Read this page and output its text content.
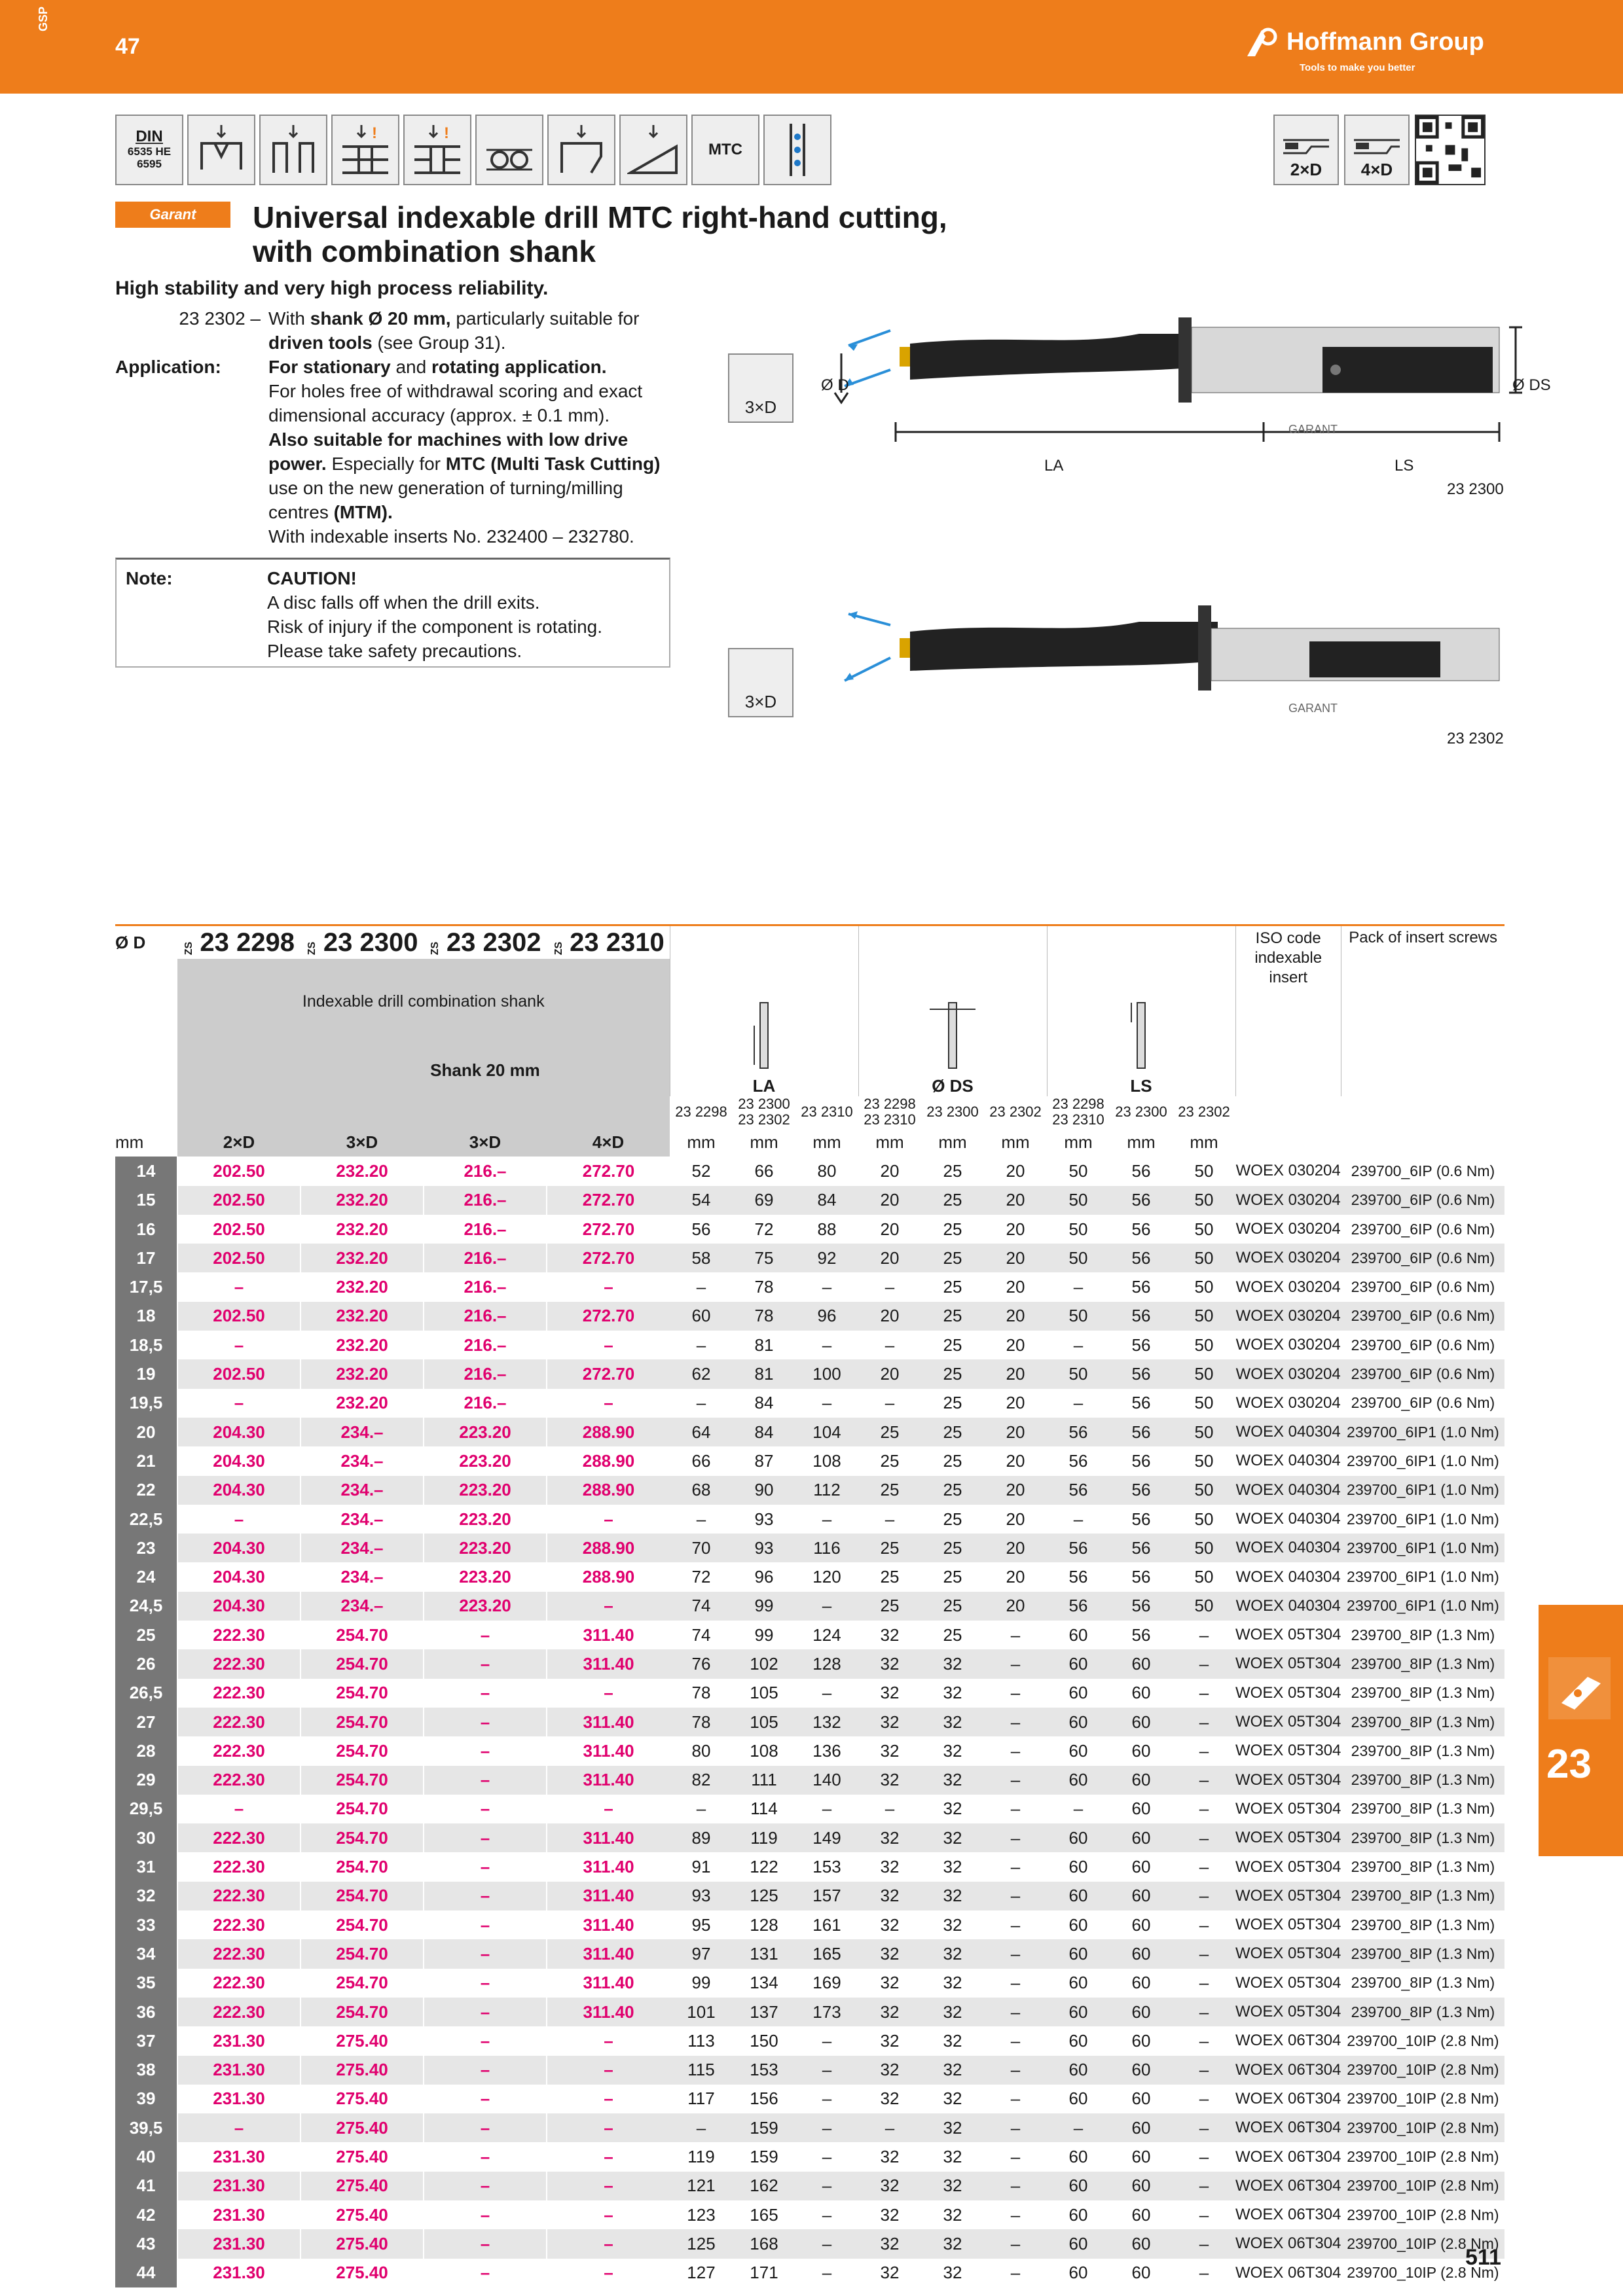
GSP
47	Hoffmann Group
Tools to make you better
DIN
6535 HE 6595
!	!
MTC
2×D 4×D
Garant	Universal indexable drill MTC right-hand cutting,
with combination shank
High stability and very high process reliability.
23 2302 – With shank Ø 20 mm, particularly suitable for
driven tools (see Group 31).
Application:	For stationary and rotating application.
For holes free of withdrawal scoring and exact dimensional accuracy (approx. ± 0.1 mm).
Also suitable for machines with low drive power. Especially for MTC (Multi Task Cutting) use on the new generation of turning/milling centres (MTM).
With indexable inserts No. 232400 – 232780.
Note:	CAUTION!
A disc falls off when the drill exits.
Risk of injury if the component is rotating.
Please take safety precautions.
3×D
3×D
Ø D	Ø DS
LA	LS
GARANT
23 2300
GARANT
23 2302
Ø D	ZS 23 2298	ZS 23 2300	ZS 23 2302	ZS 23 2310	LA			Ø DS			LS			ISO code indexable insert	Pack of insert screws
	Indexable drill combination shank														
			Shank 20 mm												
					23 2298	23 2300 23 2302	23 2310	23 2298 23 2310	23 2300	23 2302	23 2298 23 2310	23 2300	23 2302		
mm	2×D	3×D	3×D	4×D	mm	mm	mm	mm	mm	mm	mm	mm	mm		
14	202.50	232.20	216.–	272.70	52	66	80	20	25	20	50	56	50	WOEX 030204	239700_6IP (0.6 Nm)
15	202.50	232.20	216.–	272.70	54	69	84	20	25	20	50	56	50	WOEX 030204	239700_6IP (0.6 Nm)
16	202.50	232.20	216.–	272.70	56	72	88	20	25	20	50	56	50	WOEX 030204	239700_6IP (0.6 Nm)
17	202.50	232.20	216.–	272.70	58	75	92	20	25	20	50	56	50	WOEX 030204	239700_6IP (0.6 Nm)
17,5	–	232.20	216.–	–	–	78	–	–	25	20	–	56	50	WOEX 030204	239700_6IP (0.6 Nm)
18	202.50	232.20	216.–	272.70	60	78	96	20	25	20	50	56	50	WOEX 030204	239700_6IP (0.6 Nm)
18,5	–	232.20	216.–	–	–	81	–	–	25	20	–	56	50	WOEX 030204	239700_6IP (0.6 Nm)
19	202.50	232.20	216.–	272.70	62	81	100	20	25	20	50	56	50	WOEX 030204	239700_6IP (0.6 Nm)
19,5	–	232.20	216.–	–	–	84	–	–	25	20	–	56	50	WOEX 030204	239700_6IP (0.6 Nm)
20	204.30	234.–	223.20	288.90	64	84	104	25	25	20	56	56	50	WOEX 040304	239700_6IP1 (1.0 Nm)
21	204.30	234.–	223.20	288.90	66	87	108	25	25	20	56	56	50	WOEX 040304	239700_6IP1 (1.0 Nm)
22	204.30	234.–	223.20	288.90	68	90	112	25	25	20	56	56	50	WOEX 040304	239700_6IP1 (1.0 Nm)
22,5	–	234.–	223.20	–	–	93	–	–	25	20	–	56	50	WOEX 040304	239700_6IP1 (1.0 Nm)
23	204.30	234.–	223.20	288.90	70	93	116	25	25	20	56	56	50	WOEX 040304	239700_6IP1 (1.0 Nm)
24	204.30	234.–	223.20	288.90	72	96	120	25	25	20	56	56	50	WOEX 040304	239700_6IP1 (1.0 Nm)
24,5	204.30	234.–	223.20	–	74	99	–	25	25	20	56	56	50	WOEX 040304	239700_6IP1 (1.0 Nm)
25	222.30	254.70	–	311.40	74	99	124	32	25	–	60	56	–	WOEX 05T304	239700_8IP (1.3 Nm)
26	222.30	254.70	–	311.40	76	102	128	32	32	–	60	60	–	WOEX 05T304	239700_8IP (1.3 Nm)
26,5	222.30	254.70	–	–	78	105	–	32	32	–	60	60	–	WOEX 05T304	239700_8IP (1.3 Nm)
27	222.30	254.70	–	311.40	78	105	132	32	32	–	60	60	–	WOEX 05T304	239700_8IP (1.3 Nm)
28	222.30	254.70	–	311.40	80	108	136	32	32	–	60	60	–	WOEX 05T304	239700_8IP (1.3 Nm)
29	222.30	254.70	–	311.40	82	111	140	32	32	–	60	60	–	WOEX 05T304	239700_8IP (1.3 Nm)
29,5	–	254.70	–	–	–	114	–	–	32	–	–	60	–	WOEX 05T304	239700_8IP (1.3 Nm)
30	222.30	254.70	–	311.40	89	119	149	32	32	–	60	60	–	WOEX 05T304	239700_8IP (1.3 Nm)
31	222.30	254.70	–	311.40	91	122	153	32	32	–	60	60	–	WOEX 05T304	239700_8IP (1.3 Nm)
32	222.30	254.70	–	311.40	93	125	157	32	32	–	60	60	–	WOEX 05T304	239700_8IP (1.3 Nm)
33	222.30	254.70	–	311.40	95	128	161	32	32	–	60	60	–	WOEX 05T304	239700_8IP (1.3 Nm)
34	222.30	254.70	–	311.40	97	131	165	32	32	–	60	60	–	WOEX 05T304	239700_8IP (1.3 Nm)
35	222.30	254.70	–	311.40	99	134	169	32	32	–	60	60	–	WOEX 05T304	239700_8IP (1.3 Nm)
36	222.30	254.70	–	311.40	101	137	173	32	32	–	60	60	–	WOEX 05T304	239700_8IP (1.3 Nm)
37	231.30	275.40	–	–	113	150	–	32	32	–	60	60	–	WOEX 06T304	239700_10IP (2.8 Nm)
38	231.30	275.40	–	–	115	153	–	32	32	–	60	60	–	WOEX 06T304	239700_10IP (2.8 Nm)
39	231.30	275.40	–	–	117	156	–	32	32	–	60	60	–	WOEX 06T304	239700_10IP (2.8 Nm)
39,5	–	275.40	–	–	–	159	–	–	32	–	–	60	–	WOEX 06T304	239700_10IP (2.8 Nm)
40	231.30	275.40	–	–	119	159	–	32	32	–	60	60	–	WOEX 06T304	239700_10IP (2.8 Nm)
41	231.30	275.40	–	–	121	162	–	32	32	–	60	60	–	WOEX 06T304	239700_10IP (2.8 Nm)
42	231.30	275.40	–	–	123	165	–	32	32	–	60	60	–	WOEX 06T304	239700_10IP (2.8 Nm)
43	231.30	275.40	–	–	125	168	–	32	32	–	60	60	–	WOEX 06T304	239700_10IP (2.8 Nm)
44	231.30	275.40	–	–	127	171	–	32	32	–	60	60	–	WOEX 06T304	239700_10IP (2.8 Nm)
23
511
